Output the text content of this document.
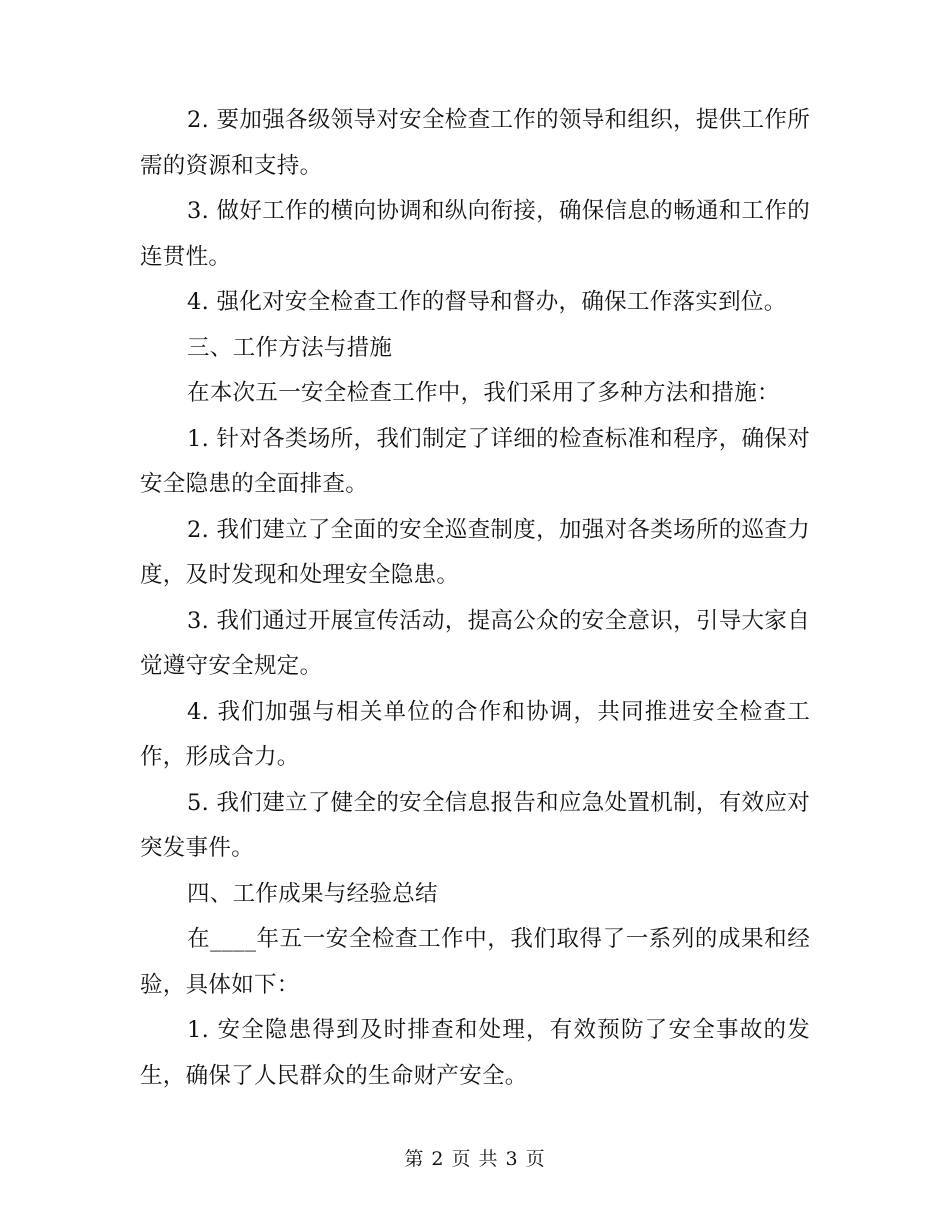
2. 要加强各级领导对安全检查工作的领导和组织，提供工作所需的资源和支持。

3. 做好工作的横向协调和纵向衔接，确保信息的畅通和工作的连贯性。

4. 强化对安全检查工作的督导和督办，确保工作落实到位。

三、工作方法与措施

在本次五一安全检查工作中，我们采用了多种方法和措施：

1. 针对各类场所，我们制定了详细的检查标准和程序，确保对安全隐患的全面排查。

2. 我们建立了全面的安全巡查制度，加强对各类场所的巡查力度，及时发现和处理安全隐患。

3. 我们通过开展宣传活动，提高公众的安全意识，引导大家自觉遵守安全规定。

4. 我们加强与相关单位的合作和协调，共同推进安全检查工作，形成合力。

5. 我们建立了健全的安全信息报告和应急处置机制，有效应对突发事件。

四、工作成果与经验总结

在____年五一安全检查工作中，我们取得了一系列的成果和经验，具体如下：

1. 安全隐患得到及时排查和处理，有效预防了安全事故的发生，确保了人民群众的生命财产安全。

第 2 页 共 3 页
